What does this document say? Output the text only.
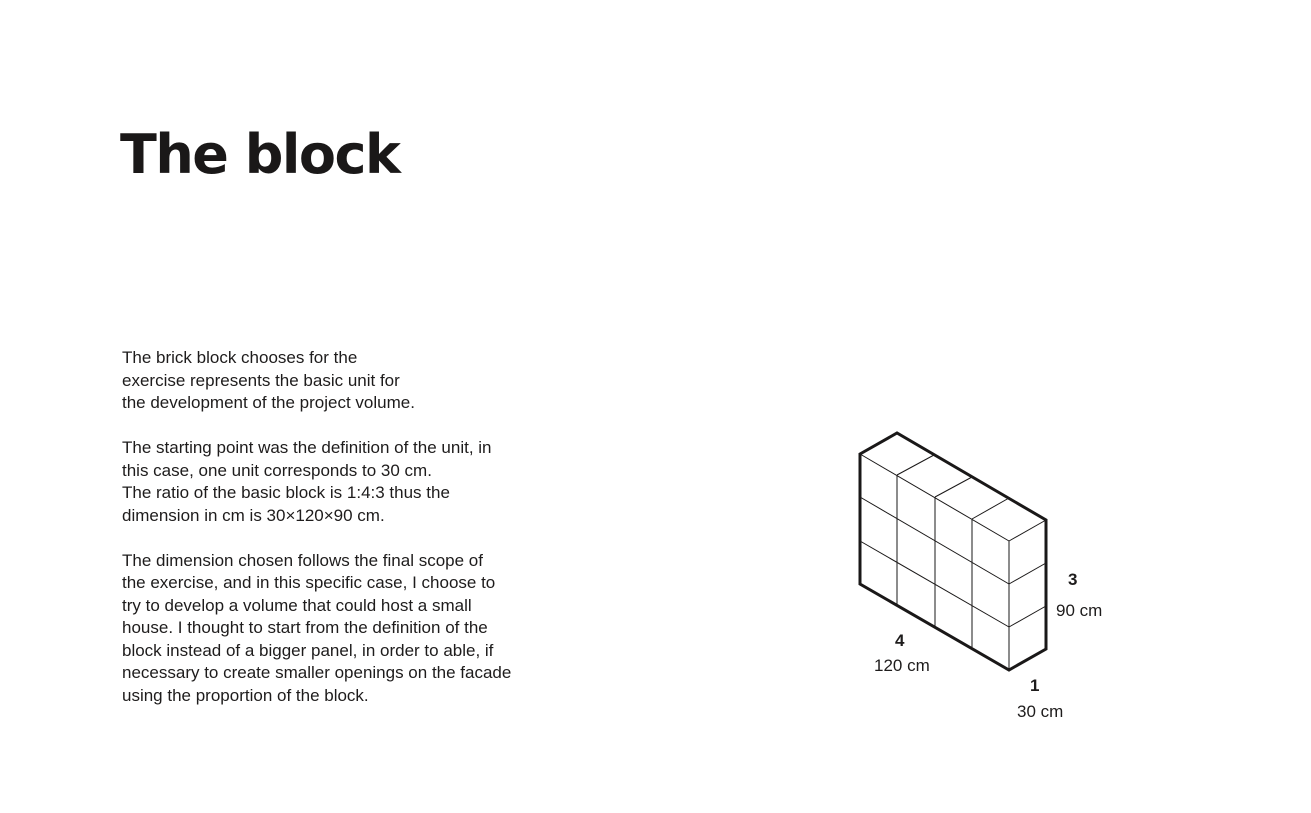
The block

The brick block chooses for the
exercise represents the basic unit for
the development of the project volume.

The starting point was the definition of the unit, in
this case, one unit corresponds to 30 cm.
The ratio of the basic block is 1:4:3 thus the
dimension in cm is 30×120×90 cm.

The dimension chosen follows the final scope of
the exercise, and in this specific case, I choose to
try to develop a volume that could host a small
house. I thought to start from the definition of the
block instead of a bigger panel, in order to able, if
necessary to create smaller openings on the facade
using the proportion of the block.

3
90 cm
4
120 cm
1
30 cm
